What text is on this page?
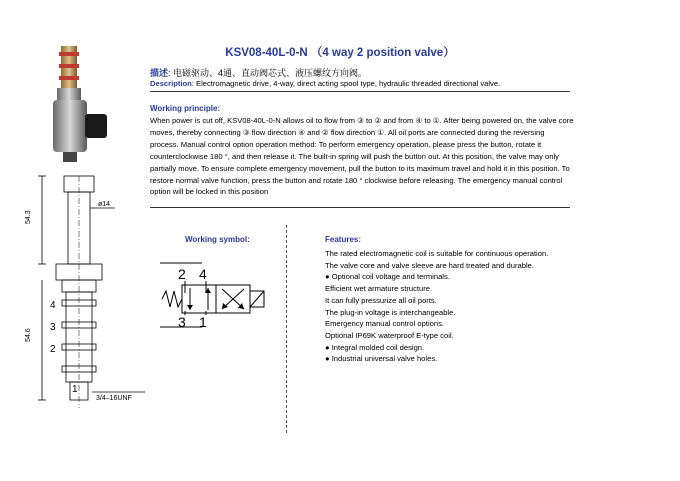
KSV08-40L-0-N （4 way 2 position valve）
描述: 电磁驱动、4通、直动阀芯式、液压螺纹方向阀。
Description: Electromagnetic drive, 4-way, direct acting spool type, hydraulic threaded directional valve.
Working principle:
When power is cut off, KSV08-40L-0-N allows oil to flow from ③ to ② and from ④ to ①. After being powered on, the valve core moves, thereby connecting ③ flow direction ④ and ② flow direction ①. All oil ports are connected during the reversing process. Manual control option operation method: To perform emergency operation, please press the button, rotate it counterclockwise 180 °, and then release it. The built-in spring will push the button out. At this position, the valve may only partially move. To ensure complete emergency movement, pull the button to its maximum travel and hold it in this position. To restore normal valve function, press the button and rotate 180 ° clockwise before releasing. The emergency manual control option will be locked in this position
Working symbol:
2 4
3 1
Features:
The rated electromagnetic coil is suitable for continuous operation.
The valve core and valve sleeve are hard treated and durable.
● Optional coil voltage and terminals.
Efficient wet armature structure.
It can fully pressurize all oil ports.
The plug-in voltage is interchangeable.
Emergency manual control options.
Optional IP69K waterproof E-type coil.
● Integral molded coil design.
● Industrial universal valve holes.
54.3
54.6
ø14
3/4–16UNF
4
3
2
1
